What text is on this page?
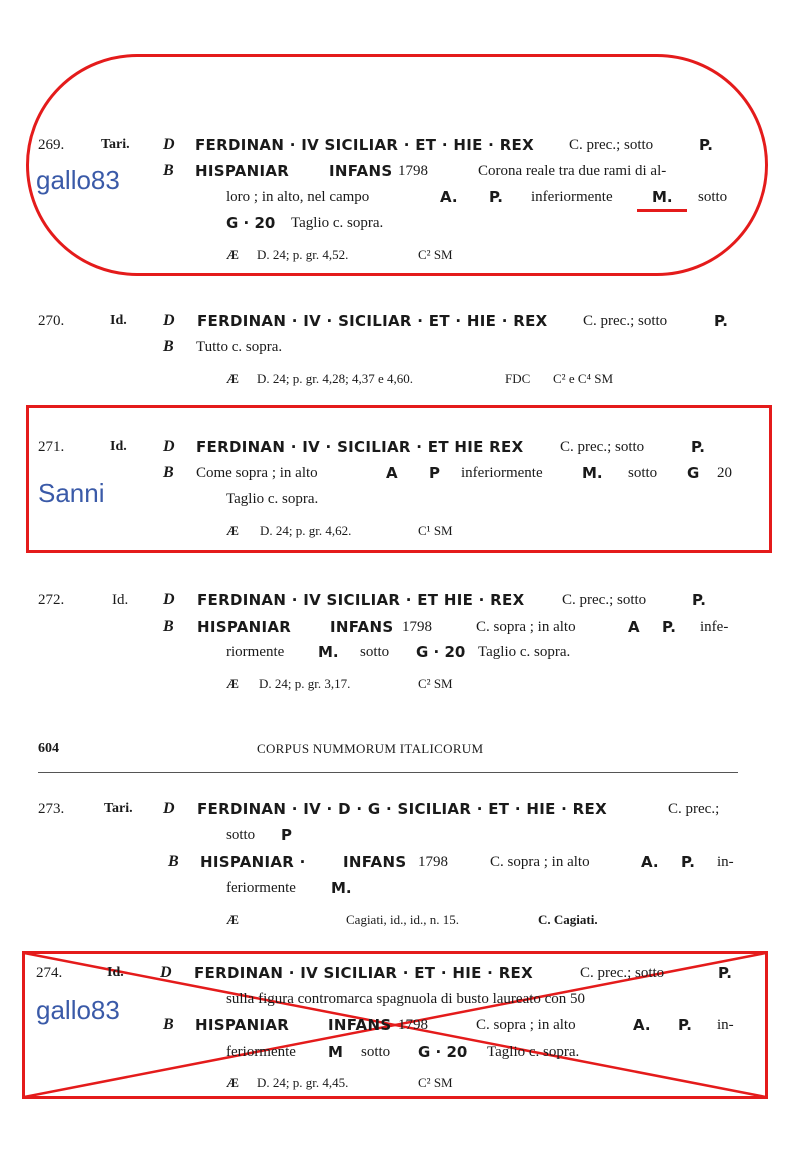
gallo83
Sanni
gallo83
269.	Tari. D FERDINAN · IV SICILIAR · ET · HIE · REX C. prec.; sotto	P.
B HISPANIAR	INFANS 1798	Corona reale tra due rami di al-
loro ; in alto, nel campo	A. P. inferiormente	M. sotto
G · 20 Taglio c. sopra.
Æ D. 24; p. gr. 4,52.	C² SM
270.	Id. D FERDINAN · IV · SICILIAR · ET · HIE · REX C. prec.; sotto	P.
B Tutto c. sopra.
Æ D. 24; p. gr. 4,28; 4,37 e 4,60.	FDC C² e C⁴ SM
271.	Id. D FERDINAN · IV · SICILIAR · ET HIE REX C. prec.; sotto	P.
B Come sopra ; in alto	A P inferiormente	M. sotto G 20
Taglio c. sopra.
Æ D. 24; p. gr. 4,62.	C¹ SM
272.	Id. D FERDINAN · IV SICILIAR · ET HIE · REX	C. prec.; sotto	P.
B HISPANIAR	INFANS 1798	C. sopra ; in alto	A P. infe-
riormente M. sotto G · 20 Taglio c. sopra.
Æ D. 24; p. gr. 3,17.	C² SM
604	CORPUS NUMMORUM ITALICORUM
273.	Tari. D FERDINAN · IV · D · G · SICILIAR · ET · HIE · REX	C. prec.;
sotto P
B HISPANIAR · INFANS 1798	C. sopra ; in alto	A. P. in-
feriormente M.
Æ	Cagiati, id., id., n. 15.	C. Cagiati.
274.	Id. D FERDINAN · IV SICILIAR · ET · HIE · REX	C. prec.; sotto	P.
sulla figura contromarca spagnuola di busto laureato con 50
B HISPANIAR	INFANS 1798	C. sopra ; in alto	A. P. in-
feriormente M sotto G · 20 Taglio c. sopra.
Æ D. 24; p. gr. 4,45.	C² SM
